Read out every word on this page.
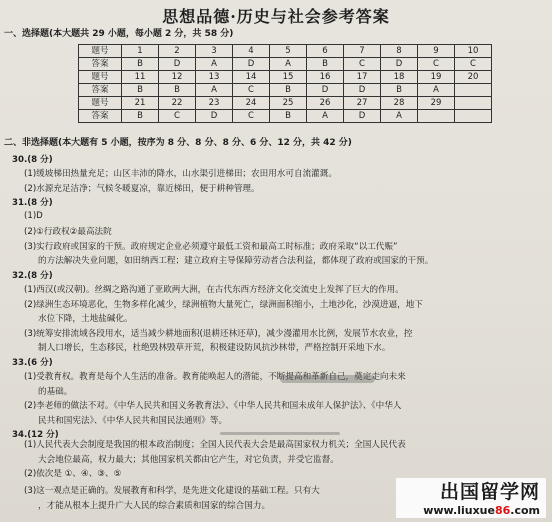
思想品德·历史与社会参考答案
一、选择题(本大题共 29 小题，每小题 2 分，共 58 分)
题号	1	2	3	4	5	6	7	8	9	10
答案	B	D	A	D	A	B	C	D	C	C
题号	11	12	13	14	15	16	17	18	19	20
答案	B	B	A	C	B	D	D	B	A	
题号	21	22	23	24	25	26	27	28	29	
答案	B	C	D	C	B	A	D	A		
二、非选择题(本大题有 5 小题，按序为 8 分、8 分、8 分、6 分、12 分，共 42 分)
30.(8 分)
(1)缓坡梯田热量充足；山区丰沛的降水，山水渠引进梯田；农田用水可自流灌溉。
(2)水源充足洁净；气候冬暖夏凉，靠近梯田，便于耕种管理。
31.(8 分)
(1)D
(2)①行政权②最高法院
(3)实行政府或国家的干预。政府规定企业必须遵守最低工资和最高工时标准；政府采取“以工代赈”
的方法解决失业问题，如田纳西工程；建立政府主导保障劳动者合法利益，都体现了政府或国家的干预。
32.(8 分)
(1)西汉(或汉朝)。丝绸之路沟通了亚欧两大洲，在古代东西方经济文化交流史上发挥了巨大的作用。
(2)绿洲生态环境恶化，生物多样化减少，绿洲植物大量死亡，绿洲面积缩小，土地沙化，沙漠进逼，地下
水位下降，土地盐碱化。
(3)统筹安排流域各段用水，适当减少耕地面积(退耕还林还草)，减少漫灌用水比例，发展节水农业，控
制人口增长，生态移民，杜绝毁林毁草开荒，积极建设防风抗沙林带，严格控制开采地下水。
33.(6 分)
(1)受教育权。教育是每个人生活的准备。教育能唤起人的潜能，不断提高和革新自己，奠定走向未来
的基础。
(2)李老师的做法不对。《中华人民共和国义务教育法》、《中华人民共和国未成年人保护法》、《中华人
民共和国宪法》、《中华人民共和国民法通则》等。
34.(12 分)
(1)人民代表大会制度是我国的根本政治制度；全国人民代表大会是最高国家权力机关；全国人民代表
大会地位最高，权力最大；其他国家机关都由它产生，对它负责，并受它监督。
(2)依次是 ①、④、③、⑤
(3)这一观点是正确的。发展教育和科学，是先进文化建设的基础工程。只有大
，才能从根本上提升广大人民的综合素质和国家的综合国力。
出国留学网
www.liuxue86.com
